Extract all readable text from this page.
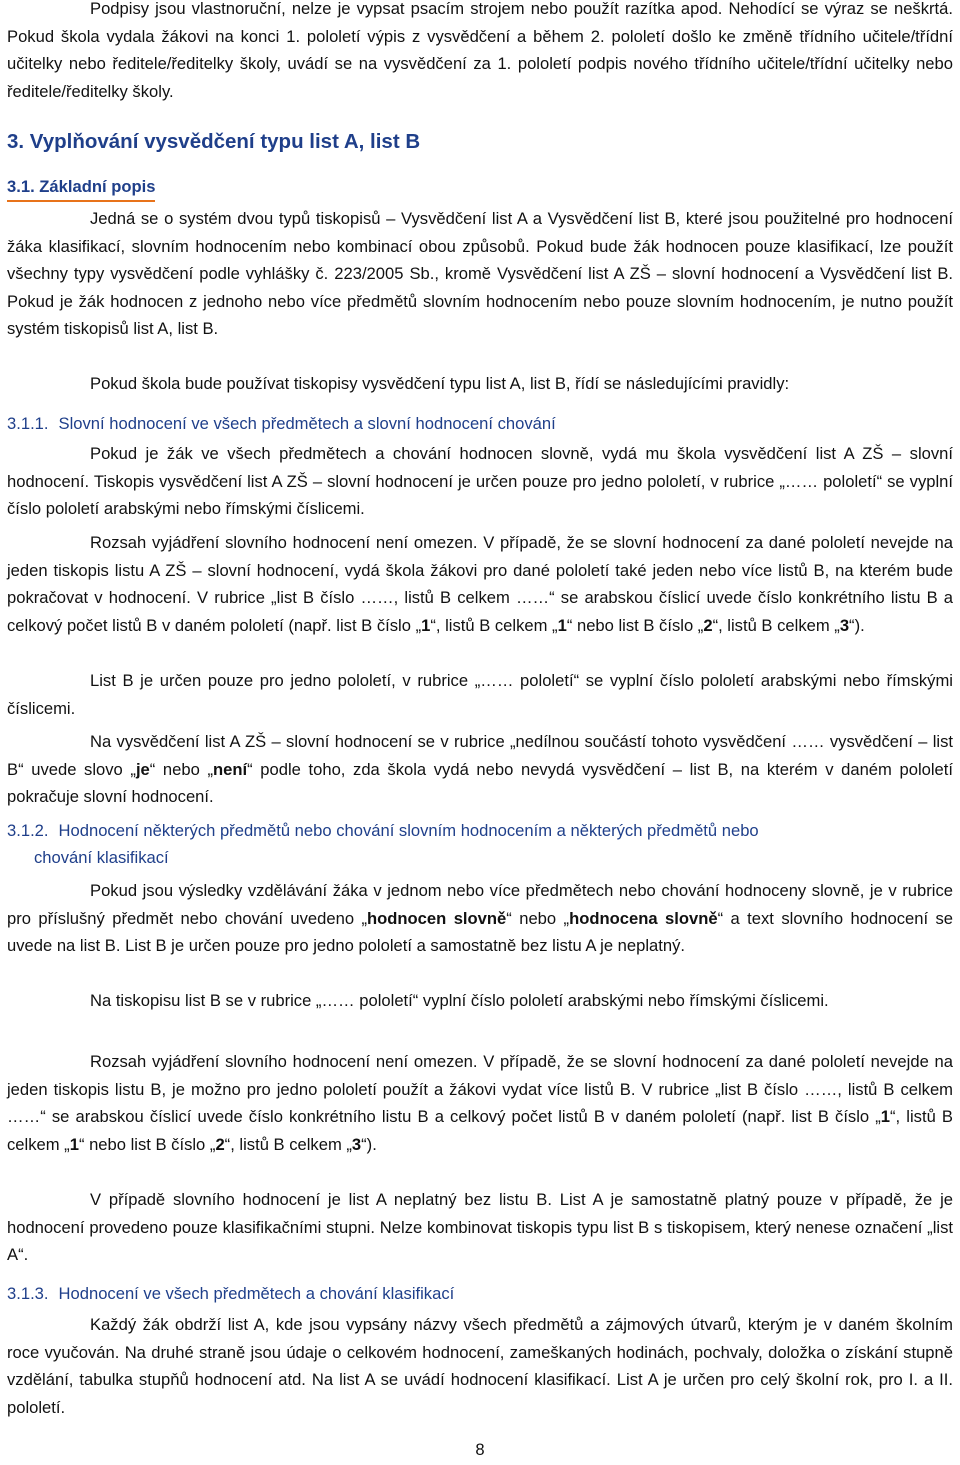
Podpisy jsou vlastnoruční, nelze je vypsat psacím strojem nebo použít razítka apod. Nehodící se výraz se neškrtá. Pokud škola vydala žákovi na konci 1. pololetí výpis z vysvědčení a během 2. pololetí došlo ke změně třídního učitele/třídní učitelky nebo ředitele/ředitelky školy, uvádí se na vysvědčení za 1. pololetí podpis nového třídního učitele/třídní učitelky nebo ředitele/ředitelky školy.

3. Vyplňování vysvědčení typu list A, list B
3.1. Základní popis

Jedná se o systém dvou typů tiskopisů – Vysvědčení list A a Vysvědčení list B, které jsou použitelné pro hodnocení žáka klasifikací, slovním hodnocením nebo kombinací obou způsobů. Pokud bude žák hodnocen pouze klasifikací, lze použít všechny typy vysvědčení podle vyhlášky č. 223/2005 Sb., kromě Vysvědčení list A ZŠ – slovní hodnocení a Vysvědčení list B. Pokud je žák hodnocen z jednoho nebo více předmětů slovním hodnocením nebo pouze slovním hodnocením, je nutno použít systém tiskopisů list A, list B.

Pokud škola bude používat tiskopisy vysvědčení typu list A, list B, řídí se následujícími pravidly:

3.1.1. Slovní hodnocení ve všech předmětech a slovní hodnocení chování

Pokud je žák ve všech předmětech a chování hodnocen slovně, vydá mu škola vysvědčení list A ZŠ – slovní hodnocení. Tiskopis vysvědčení list A ZŠ – slovní hodnocení je určen pouze pro jedno pololetí, v rubrice „…… pololetí“ se vyplní číslo pololetí arabskými nebo římskými číslicemi.

Rozsah vyjádření slovního hodnocení není omezen. V případě, že se slovní hodnocení za dané pololetí nevejde na jeden tiskopis listu A ZŠ – slovní hodnocení, vydá škola žákovi pro dané pololetí také jeden nebo více listů B, na kterém bude pokračovat v hodnocení. V rubrice „list B číslo ……, listů B celkem ……“ se arabskou číslicí uvede číslo konkrétního listu B a celkový počet listů B v daném pololetí (např. list B číslo „1“, listů B celkem „1“ nebo list B číslo „2“, listů B celkem „3“).

List B je určen pouze pro jedno pololetí, v rubrice „…… pololetí“ se vyplní číslo pololetí arabskými nebo římskými číslicemi.

Na vysvědčení list A ZŠ – slovní hodnocení se v rubrice „nedílnou součástí tohoto vysvědčení …… vysvědčení – list B“ uvede slovo „je“ nebo „není“ podle toho, zda škola vydá nebo nevydá vysvědčení – list B, na kterém v daném pololetí pokračuje slovní hodnocení.

3.1.2. Hodnocení některých předmětů nebo chování slovním hodnocením a některých předmětů nebo
chování klasifikací

Pokud jsou výsledky vzdělávání žáka v jednom nebo více předmětech nebo chování hodnoceny slovně, je v rubrice pro příslušný předmět nebo chování uvedeno „hodnocen slovně“ nebo „hodnocena slovně“ a text slovního hodnocení se uvede na list B. List B je určen pouze pro jedno pololetí a samostatně bez listu A je neplatný.

Na tiskopisu list B se v rubrice „…… pololetí“ vyplní číslo pololetí arabskými nebo římskými číslicemi.

Rozsah vyjádření slovního hodnocení není omezen. V případě, že se slovní hodnocení za dané pololetí nevejde na jeden tiskopis listu B, je možno pro jedno pololetí použít a žákovi vydat více listů B. V rubrice „list B číslo ……, listů B celkem ……“ se arabskou číslicí uvede číslo konkrétního listu B a celkový počet listů B v daném pololetí (např. list B číslo „1“, listů B celkem „1“ nebo list B číslo „2“, listů B celkem „3“).

V případě slovního hodnocení je list A neplatný bez listu B. List A je samostatně platný pouze v případě, že je hodnocení provedeno pouze klasifikačními stupni. Nelze kombinovat tiskopis typu list B s tiskopisem, který nenese označení „list A“.

3.1.3. Hodnocení ve všech předmětech a chování klasifikací

Každý žák obdrží list A, kde jsou vypsány názvy všech předmětů a zájmových útvarů, kterým je v daném školním roce vyučován. Na druhé straně jsou údaje o celkovém hodnocení, zameškaných hodinách, pochvaly, doložka o získání stupně vzdělání, tabulka stupňů hodnocení atd. Na list A se uvádí hodnocení klasifikací. List A je určen pro celý školní rok, pro I. a II. pololetí.

8
